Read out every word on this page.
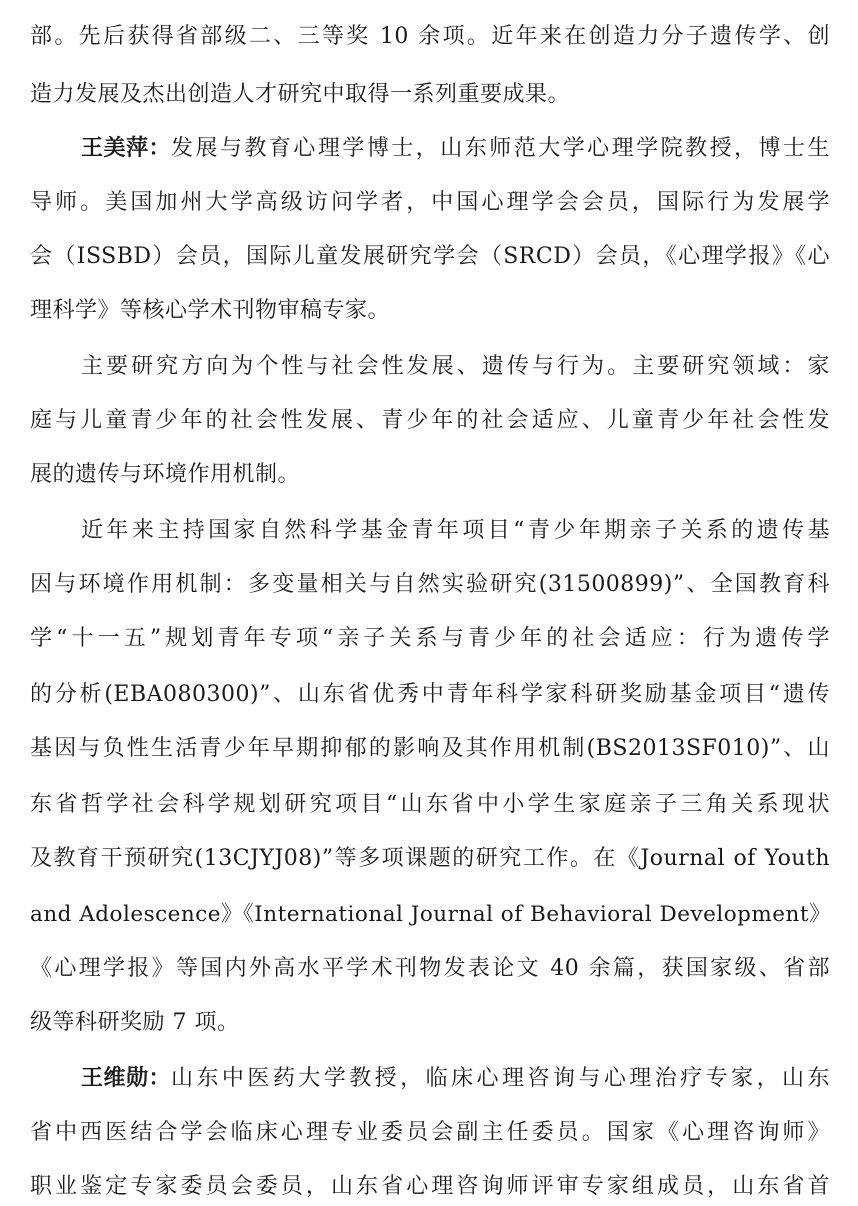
部。先后获得省部级二、三等奖 10 余项。近年来在创造力分子遗传学、创
造力发展及杰出创造人才研究中取得一系列重要成果。
王美萍： 发展与教育心理学博士，山东师范大学心理学院教授，博士生
导师。美国加州大学高级访问学者，中国心理学会会员，国际行为发展学
会（ISSBD）会员，国际儿童发展研究学会（SRCD）会员，《心理学报》《心
理科学》等核心学术刊物审稿专家。
主要研究方向为个性与社会性发展、遗传与行为。主要研究领域：家
庭与儿童青少年的社会性发展、青少年的社会适应、儿童青少年社会性发
展的遗传与环境作用机制。
近年来主持国家自然科学基金青年项目“青少年期亲子关系的遗传基
因与环境作用机制：多变量相关与自然实验研究(31500899)”、全国教育科
学“十一五”规划青年专项“亲子关系与青少年的社会适应：行为遗传学
的分析(EBA080300)”、山东省优秀中青年科学家科研奖励基金项目“遗传
基因与负性生活青少年早期抑郁的影响及其作用机制(BS2013SF010)”、山
东省哲学社会科学规划研究项目“山东省中小学生家庭亲子三角关系现状
及教育干预研究(13CJYJ08)”等多项课题的研究工作。在《Journal of Youth
and Adolescence》《International Journal of Behavioral Development》
《心理学报》等国内外高水平学术刊物发表论文 40 余篇，获国家级、省部
级等科研奖励 7 项。
王维勋： 山东中医药大学教授，临床心理咨询与心理治疗专家，山东
省中西医结合学会临床心理专业委员会副主任委员。国家《心理咨询师》
职业鉴定专家委员会委员，山东省心理咨询师评审专家组成员，山东省首
